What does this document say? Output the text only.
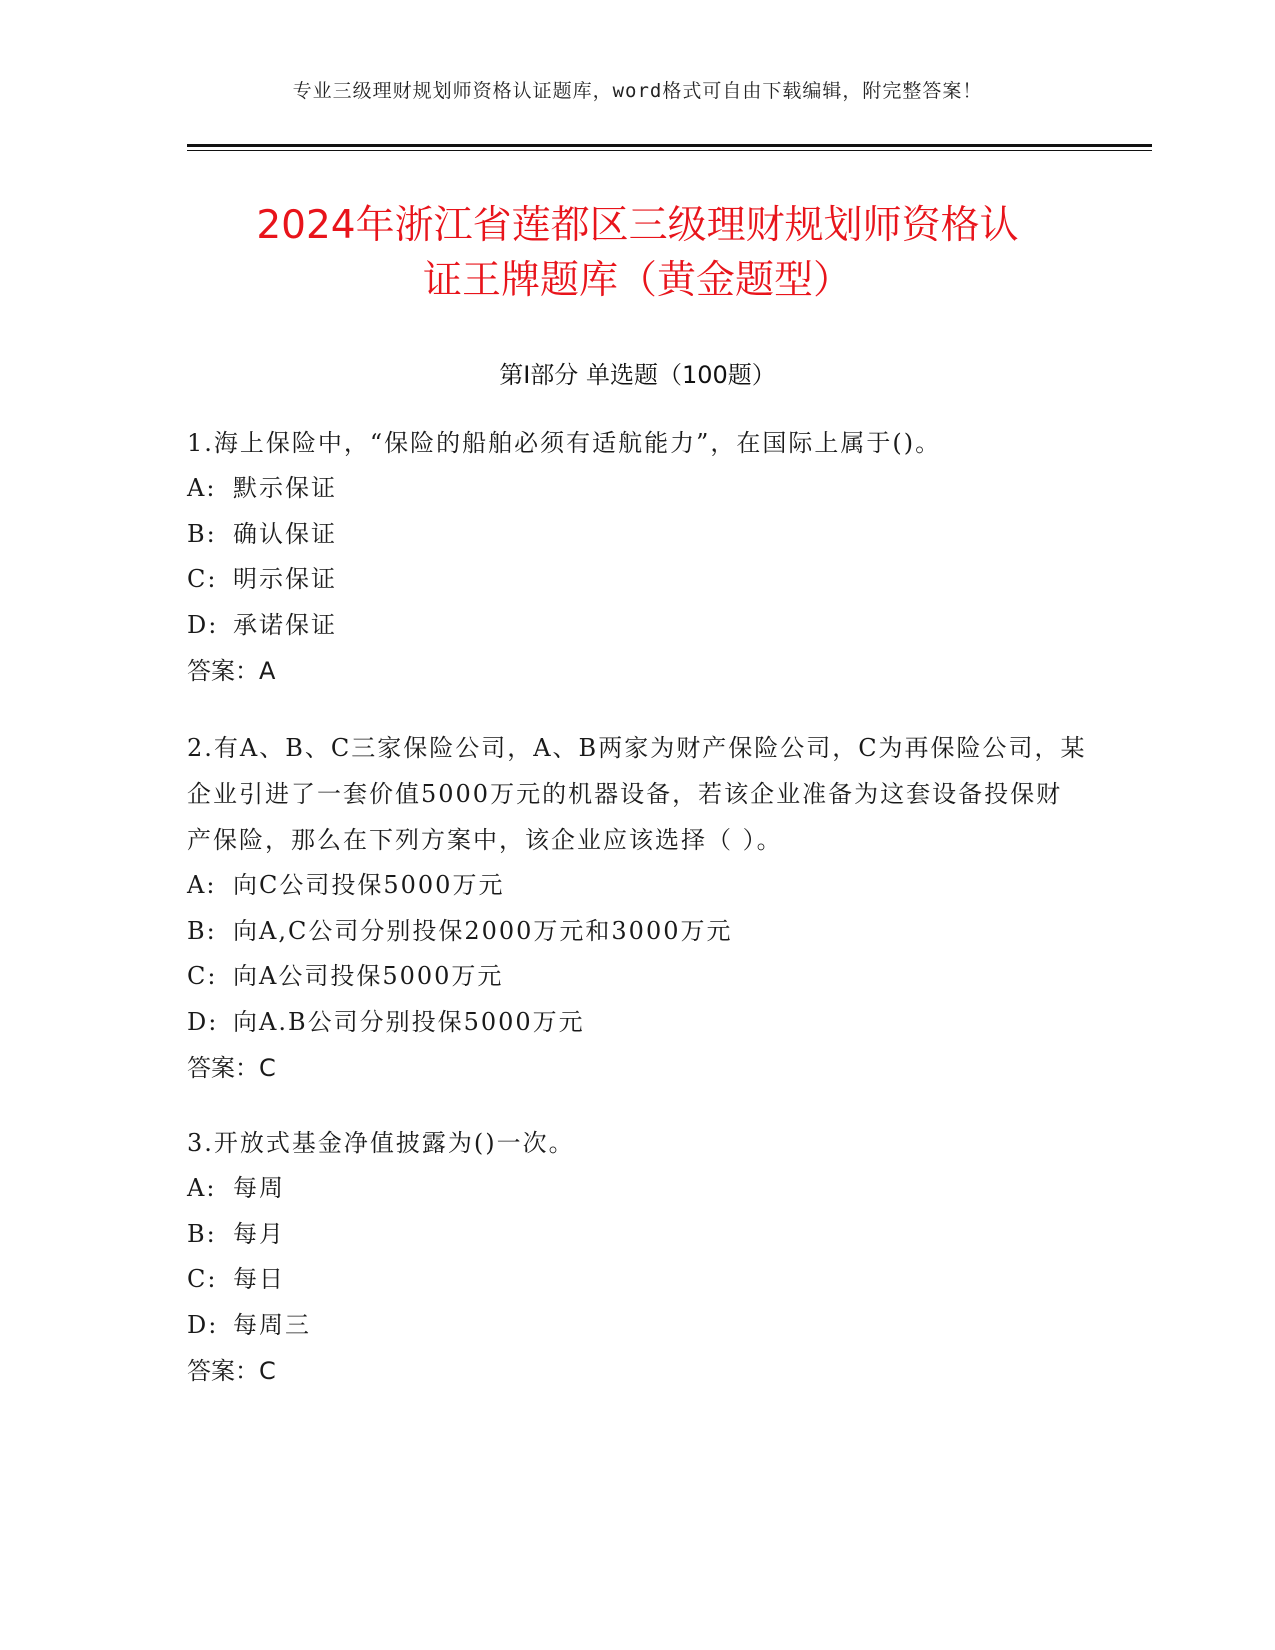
专业三级理财规划师资格认证题库，word格式可自由下载编辑，附完整答案！
2024年浙江省莲都区三级理财规划师资格认
证王牌题库（黄金题型）
第Ⅰ部分 单选题（100题）

1.海上保险中，“保险的船舶必须有适航能力”，在国际上属于()。

A: 默示保证

B: 确认保证

C: 明示保证

D: 承诺保证

答案：A

2.有A、B、C三家保险公司，A、B两家为财产保险公司，C为再保险公司，某企业引进了一套价值5000万元的机器设备，若该企业准备为这套设备投保财产保险，那么在下列方案中，该企业应该选择（ ）。

A: 向C公司投保5000万元

B: 向A,C公司分别投保2000万元和3000万元

C: 向A公司投保5000万元

D: 向A.B公司分别投保5000万元

答案：C

3.开放式基金净值披露为()一次。

A: 每周

B: 每月

C: 每日

D: 每周三

答案：C
